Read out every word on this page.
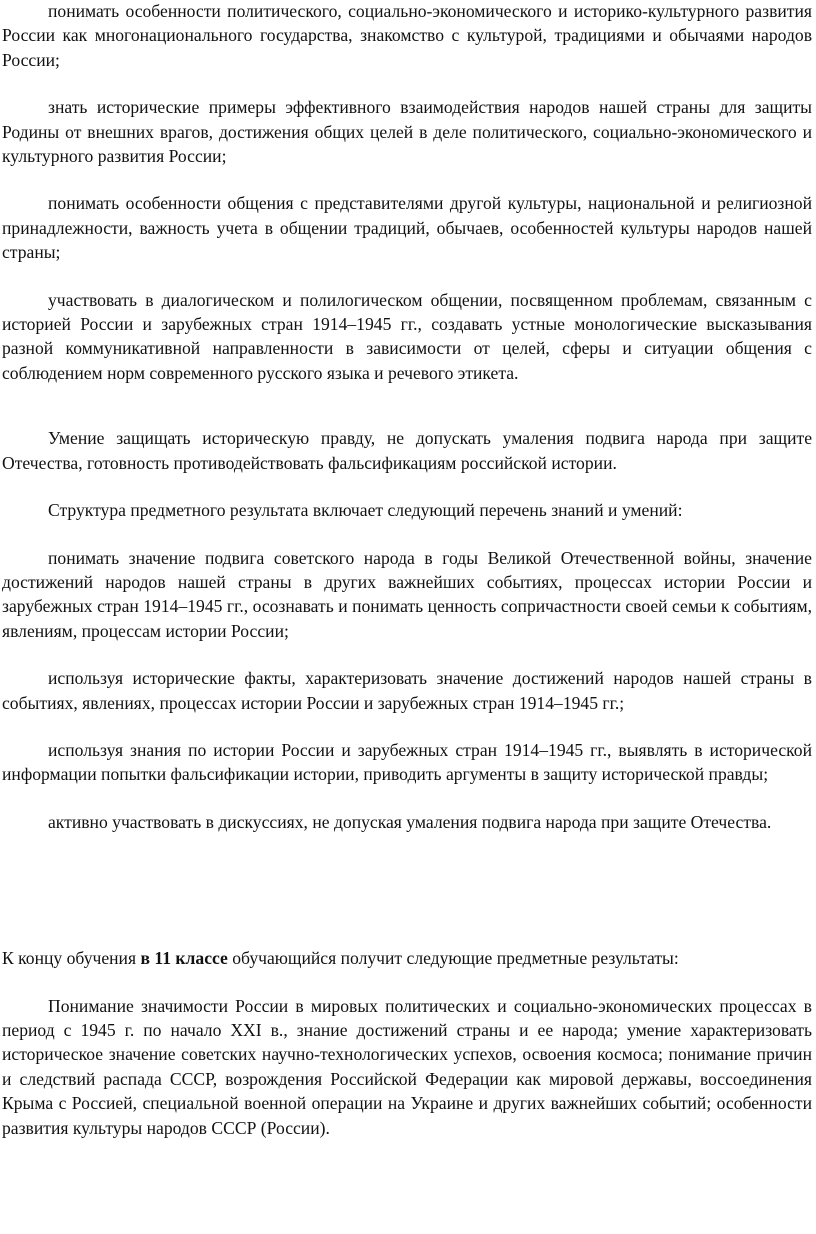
понимать особенности политического, социально-экономического и историко-культурного развития России как многонационального государства, знакомство с культурой, традициями и обычаями народов России;

знать исторические примеры эффективного взаимодействия народов нашей страны для защиты Родины от внешних врагов, достижения общих целей в деле политического, социально-экономического и культурного развития России;

понимать особенности общения с представителями другой культуры, национальной и религиозной принадлежности, важность учета в общении традиций, обычаев, особенностей культуры народов нашей страны;

участвовать в диалогическом и полилогическом общении, посвященном проблемам, связанным с историей России и зарубежных стран 1914–1945 гг., создавать устные монологические высказывания разной коммуникативной направленности в зависимости от целей, сферы и ситуации общения с соблюдением норм современного русского языка и речевого этикета.

Умение защищать историческую правду, не допускать умаления подвига народа при защите Отечества, готовность противодействовать фальсификациям российской истории.

Структура предметного результата включает следующий перечень знаний и умений:

понимать значение подвига советского народа в годы Великой Отечественной войны, значение достижений народов нашей страны в других важнейших событиях, процессах истории России и зарубежных стран 1914–1945 гг., осознавать и понимать ценность сопричастности своей семьи к событиям, явлениям, процессам истории России;

используя исторические факты, характеризовать значение достижений народов нашей страны в событиях, явлениях, процессах истории России и зарубежных стран 1914–1945 гг.;

используя знания по истории России и зарубежных стран 1914–1945 гг., выявлять в исторической информации попытки фальсификации истории, приводить аргументы в защиту исторической правды;

активно участвовать в дискуссиях, не допуская умаления подвига народа при защите Отечества.

К концу обучения в 11 классе обучающийся получит следующие предметные результаты:

Понимание значимости России в мировых политических и социально-экономических процессах в период с 1945 г. по начало XXI в., знание достижений страны и ее народа; умение характеризовать историческое значение советских научно-технологических успехов, освоения космоса; понимание причин и следствий распада СССР, возрождения Российской Федерации как мировой державы, воссоединения Крыма с Россией, специальной военной операции на Украине и других важнейших событий; особенности развития культуры народов СССР (России).
